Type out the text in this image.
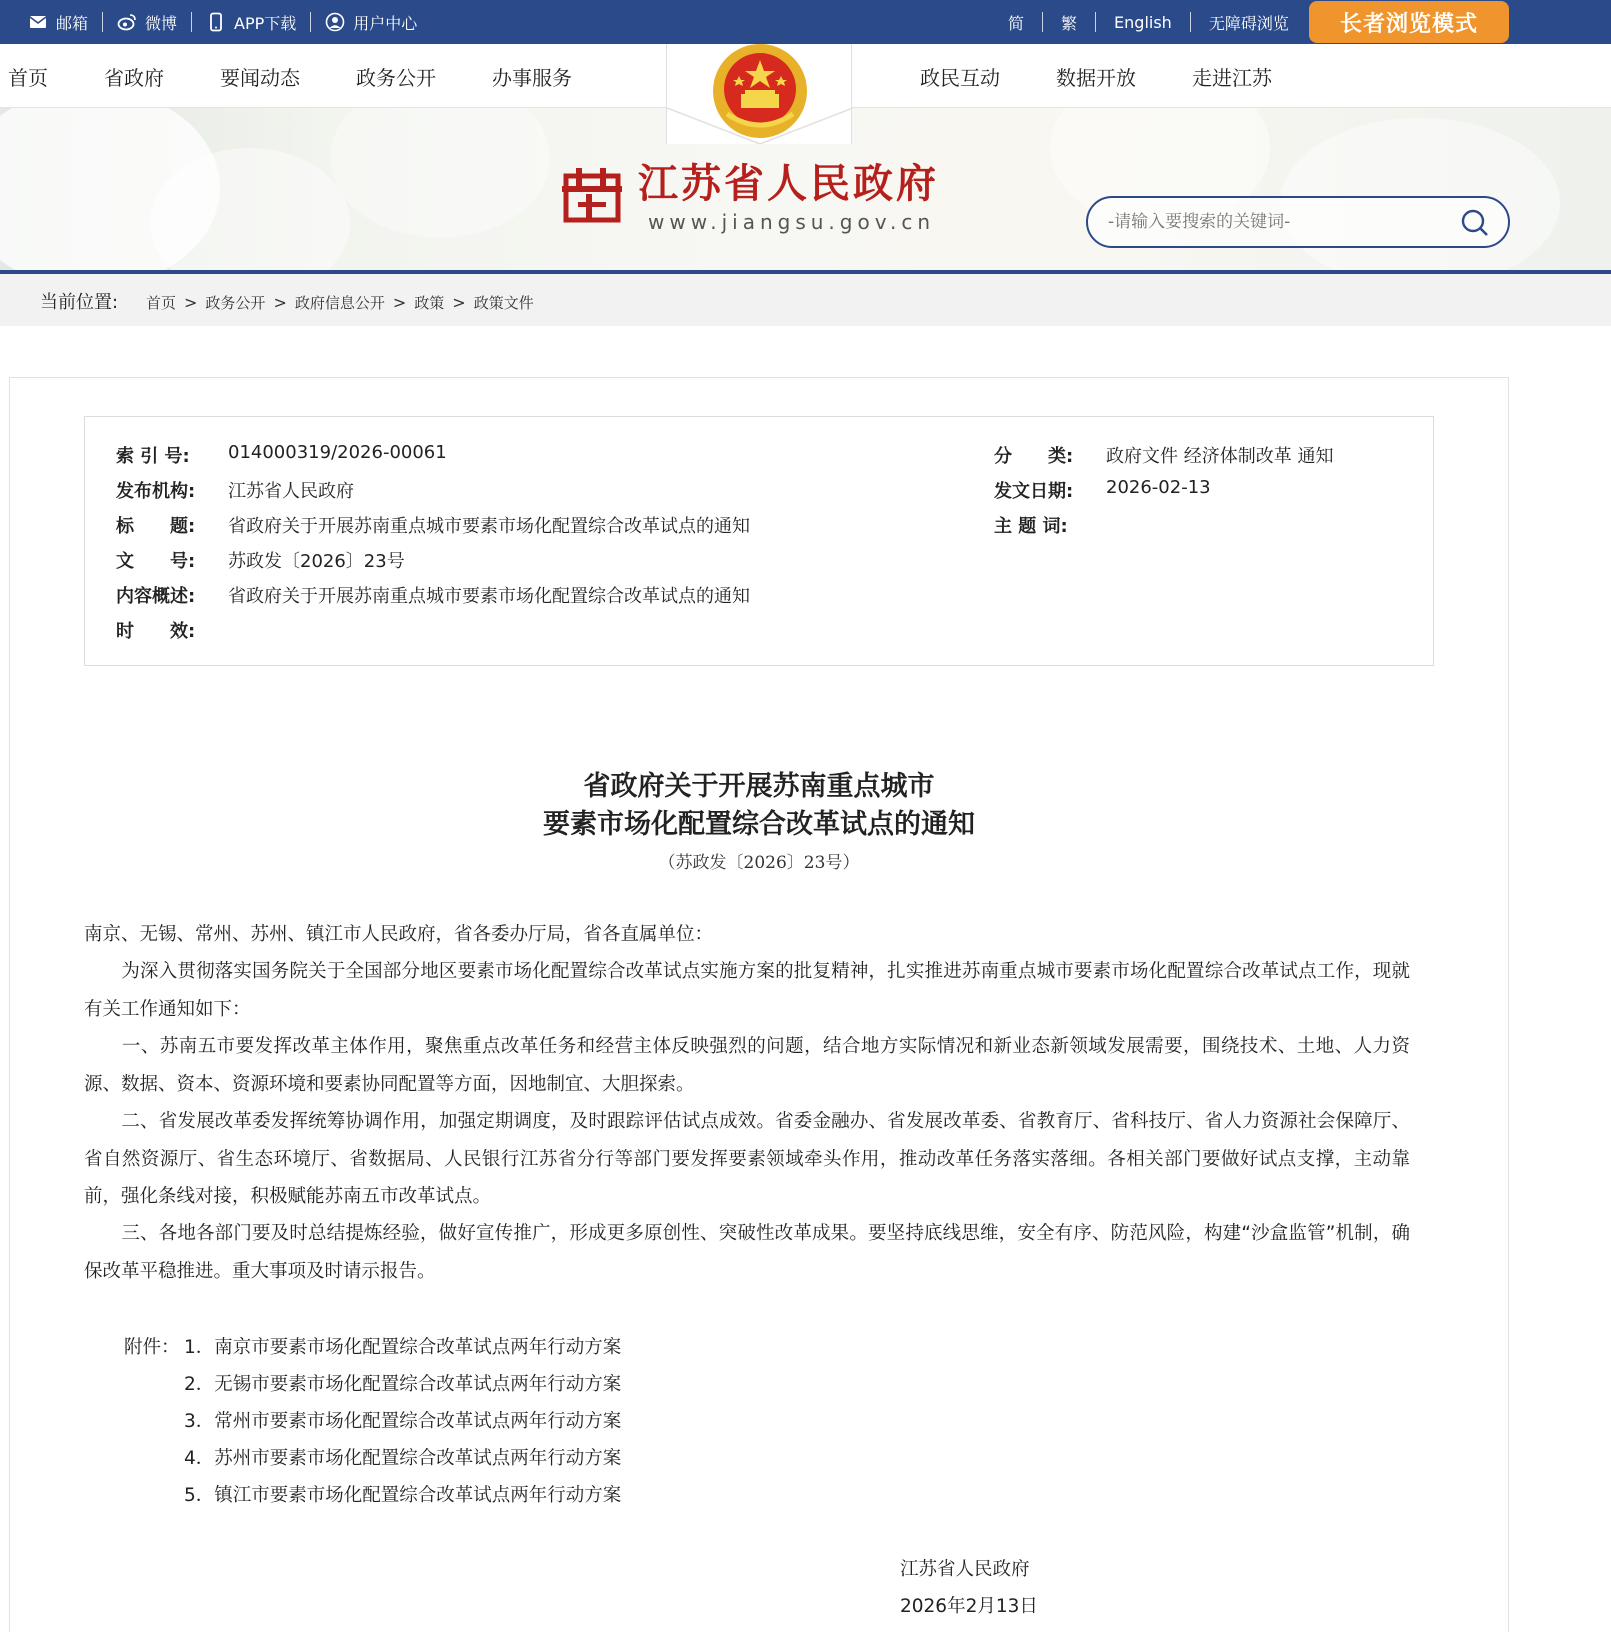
邮箱	微博	APP下载	用户中心	简	繁	English	无障碍浏览	长者浏览模式
首页	省政府	要闻动态	政务公开	办事服务	政民互动	数据开放	走进江苏
江苏省人民政府
www.jiangsu.gov.cn
-请输入要搜索的关键词-
当前位置: 首页 > 政务公开 > 政府信息公开 > 政策 > 政策文件
索 引 号:	014000319/2026-00061
发布机构:	江苏省人民政府
标　　题:	省政府关于开展苏南重点城市要素市场化配置综合改革试点的通知
文　　号:	苏政发〔2026〕23号
内容概述:	省政府关于开展苏南重点城市要素市场化配置综合改革试点的通知
时　　效:
分　　类:	政府文件 经济体制改革 通知
发文日期:	2026-02-13
主 题 词:
省政府关于开展苏南重点城市
要素市场化配置综合改革试点的通知
（苏政发〔2026〕23号）
南京、无锡、常州、苏州、镇江市人民政府，省各委办厅局，省各直属单位：
　　为深入贯彻落实国务院关于全国部分地区要素市场化配置综合改革试点实施方案的批复精神，扎实推进苏南重点城市要素市场化配置综合改革试点工作，现就有关工作通知如下：
　　一、苏南五市要发挥改革主体作用，聚焦重点改革任务和经营主体反映强烈的问题，结合地方实际情况和新业态新领域发展需要，围绕技术、土地、人力资源、数据、资本、资源环境和要素协同配置等方面，因地制宜、大胆探索。
　　二、省发展改革委发挥统筹协调作用，加强定期调度，及时跟踪评估试点成效。省委金融办、省发展改革委、省教育厅、省科技厅、省人力资源社会保障厅、省自然资源厅、省生态环境厅、省数据局、人民银行江苏省分行等部门要发挥要素领域牵头作用，推动改革任务落实落细。各相关部门要做好试点支撑，主动靠前，强化条线对接，积极赋能苏南五市改革试点。
　　三、各地各部门要及时总结提炼经验，做好宣传推广，形成更多原创性、突破性改革成果。要坚持底线思维，安全有序、防范风险，构建“沙盒监管”机制，确保改革平稳推进。重大事项及时请示报告。
附件： 1．南京市要素市场化配置综合改革试点两年行动方案
2．无锡市要素市场化配置综合改革试点两年行动方案
3．常州市要素市场化配置综合改革试点两年行动方案
4．苏州市要素市场化配置综合改革试点两年行动方案
5．镇江市要素市场化配置综合改革试点两年行动方案
江苏省人民政府
2026年2月13日
